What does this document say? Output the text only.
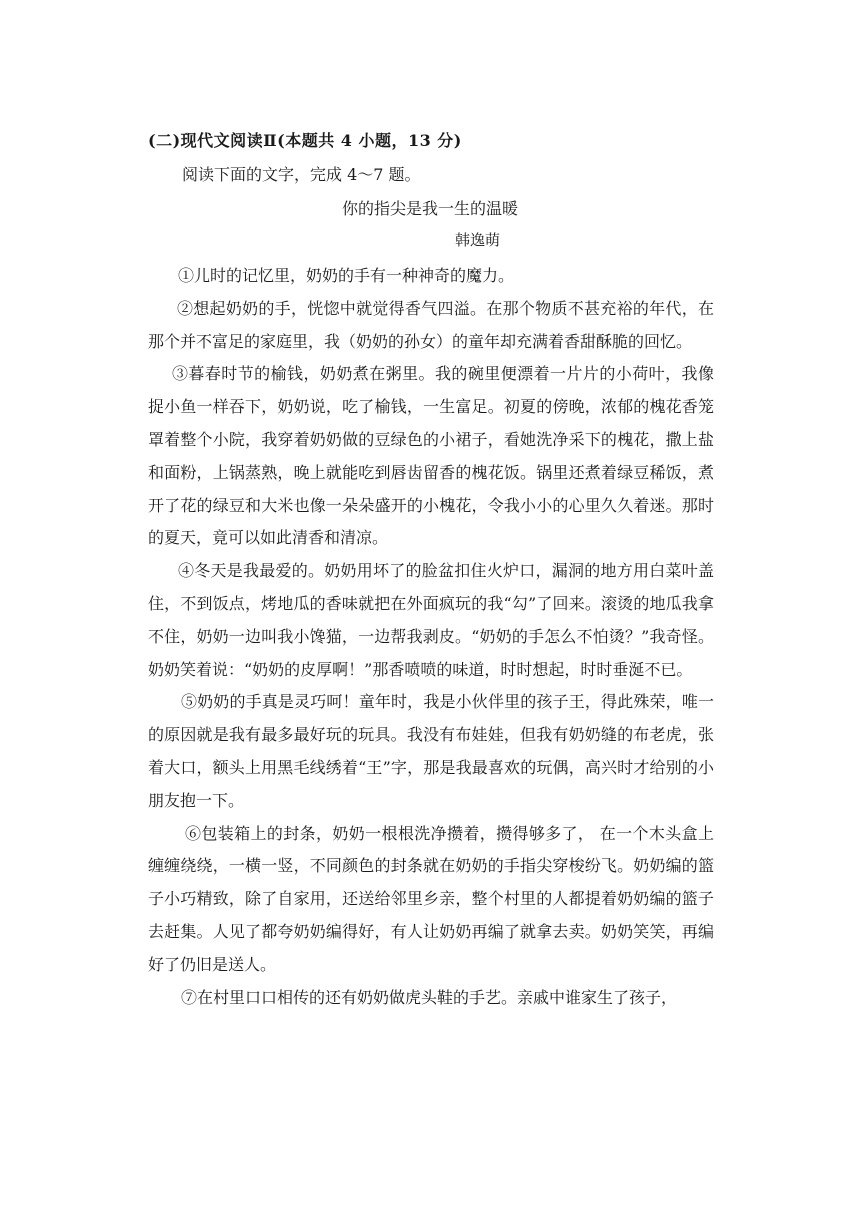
(二)现代文阅读Ⅱ(本题共 4 小题，13 分)
阅读下面的文字，完成 4～7 题。
你的指尖是我一生的温暖
韩逸萌

①儿时的记忆里，奶奶的手有一种神奇的魔力。

②想起奶奶的手，恍惚中就觉得香气四溢。在那个物质不甚充裕的年代，在那个并不富足的家庭里，我（奶奶的孙女）的童年却充满着香甜酥脆的回忆。

③暮春时节的榆钱，奶奶煮在粥里。我的碗里便漂着一片片的小荷叶，我像捉小鱼一样吞下，奶奶说，吃了榆钱，一生富足。初夏的傍晚，浓郁的槐花香笼罩着整个小院，我穿着奶奶做的豆绿色的小裙子，看她洗净采下的槐花，撒上盐和面粉，上锅蒸熟，晚上就能吃到唇齿留香的槐花饭。锅里还煮着绿豆稀饭，煮开了花的绿豆和大米也像一朵朵盛开的小槐花，令我小小的心里久久着迷。那时的夏天，竟可以如此清香和清凉。

④冬天是我最爱的。奶奶用坏了的脸盆扣住火炉口，漏洞的地方用白菜叶盖住，不到饭点，烤地瓜的香味就把在外面疯玩的我“勾”了回来。滚烫的地瓜我拿不住，奶奶一边叫我小馋猫，一边帮我剥皮。“奶奶的手怎么不怕烫？”我奇怪。奶奶笑着说：“奶奶的皮厚啊！”那香喷喷的味道，时时想起，时时垂涎不已。

⑤奶奶的手真是灵巧呵！童年时，我是小伙伴里的孩子王，得此殊荣，唯一的原因就是我有最多最好玩的玩具。我没有布娃娃，但我有奶奶缝的布老虎，张着大口，额头上用黑毛线绣着“王”字，那是我最喜欢的玩偶，高兴时才给别的小朋友抱一下。

⑥包装箱上的封条，奶奶一根根洗净攒着，攒得够多了， 在一个木头盒上缠缠绕绕，一横一竖，不同颜色的封条就在奶奶的手指尖穿梭纷飞。奶奶编的篮子小巧精致，除了自家用，还送给邻里乡亲，整个村里的人都提着奶奶编的篮子去赶集。人见了都夸奶奶编得好，有人让奶奶再编了就拿去卖。奶奶笑笑，再编好了仍旧是送人。

⑦在村里口口相传的还有奶奶做虎头鞋的手艺。亲戚中谁家生了孩子，
